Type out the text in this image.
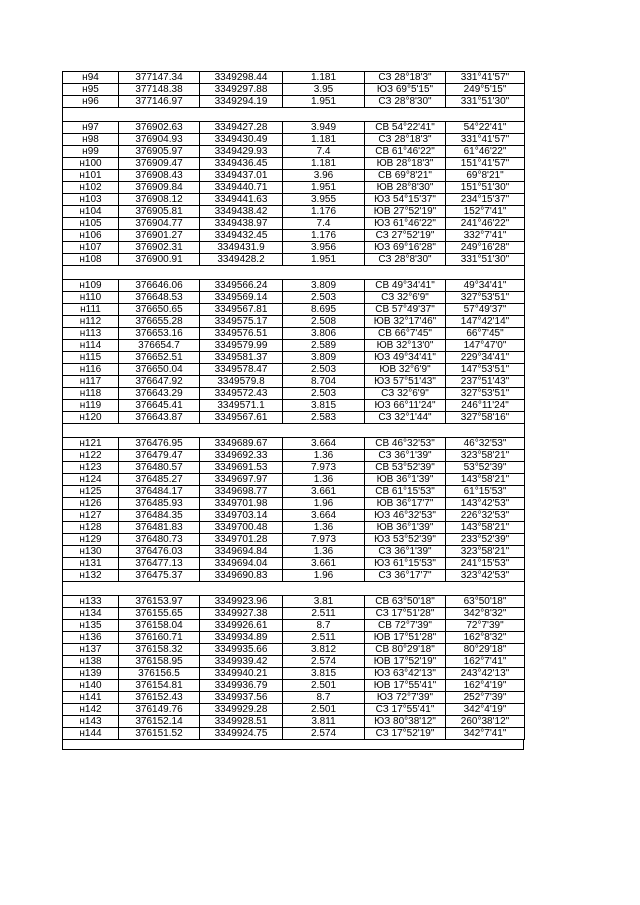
н94	377147.34	3349298.44	1.181	СЗ 28°18'3"	331°41'57"
н95	377148.38	3349297.88	3.95	ЮЗ 69°5'15"	249°5'15"
н96	377146.97	3349294.19	1.951	СЗ 28°8'30"	331°51'30"

н97	376902.63	3349427.28	3.949	СВ 54°22'41"	54°22'41"
н98	376904.93	3349430.49	1.181	СЗ 28°18'3"	331°41'57"
н99	376905.97	3349429.93	7.4	СВ 61°46'22"	61°46'22"
н100	376909.47	3349436.45	1.181	ЮВ 28°18'3"	151°41'57"
н101	376908.43	3349437.01	3.96	СВ 69°8'21"	69°8'21"
н102	376909.84	3349440.71	1.951	ЮВ 28°8'30"	151°51'30"
н103	376908.12	3349441.63	3.955	ЮЗ 54°15'37"	234°15'37"
н104	376905.81	3349438.42	1.176	ЮВ 27°52'19"	152°7'41"
н105	376904.77	3349438.97	7.4	ЮЗ 61°46'22"	241°46'22"
н106	376901.27	3349432.45	1.176	СЗ 27°52'19"	332°7'41"
н107	376902.31	3349431.9	3.956	ЮЗ 69°16'28"	249°16'28"
н108	376900.91	3349428.2	1.951	СЗ 28°8'30"	331°51'30"

н109	376646.06	3349566.24	3.809	СВ 49°34'41"	49°34'41"
н110	376648.53	3349569.14	2.503	СЗ 32°6'9"	327°53'51"
н111	376650.65	3349567.81	8.695	СВ 57°49'37"	57°49'37"
н112	376655.28	3349575.17	2.508	ЮВ 32°17'46"	147°42'14"
н113	376653.16	3349576.51	3.806	СВ 66°7'45"	66°7'45"
н114	376654.7	3349579.99	2.589	ЮВ 32°13'0"	147°47'0"
н115	376652.51	3349581.37	3.809	ЮЗ 49°34'41"	229°34'41"
н116	376650.04	3349578.47	2.503	ЮВ 32°6'9"	147°53'51"
н117	376647.92	3349579.8	8.704	ЮЗ 57°51'43"	237°51'43"
н118	376643.29	3349572.43	2.503	СЗ 32°6'9"	327°53'51"
н119	376645.41	3349571.1	3.815	ЮЗ 66°11'24"	246°11'24"
н120	376643.87	3349567.61	2.583	СЗ 32°1'44"	327°58'16"

н121	376476.95	3349689.67	3.664	СВ 46°32'53"	46°32'53"
н122	376479.47	3349692.33	1.36	СЗ 36°1'39"	323°58'21"
н123	376480.57	3349691.53	7.973	СВ 53°52'39"	53°52'39"
н124	376485.27	3349697.97	1.36	ЮВ 36°1'39"	143°58'21"
н125	376484.17	3349698.77	3.661	СВ 61°15'53"	61°15'53"
н126	376485.93	3349701.98	1.96	ЮВ 36°17'7"	143°42'53"
н127	376484.35	3349703.14	3.664	ЮЗ 46°32'53"	226°32'53"
н128	376481.83	3349700.48	1.36	ЮВ 36°1'39"	143°58'21"
н129	376480.73	3349701.28	7.973	ЮЗ 53°52'39"	233°52'39"
н130	376476.03	3349694.84	1.36	СЗ 36°1'39"	323°58'21"
н131	376477.13	3349694.04	3.661	ЮЗ 61°15'53"	241°15'53"
н132	376475.37	3349690.83	1.96	СЗ 36°17'7"	323°42'53"

н133	376153.97	3349923.96	3.81	СВ 63°50'18"	63°50'18"
н134	376155.65	3349927.38	2.511	СЗ 17°51'28"	342°8'32"
н135	376158.04	3349926.61	8.7	СВ 72°7'39"	72°7'39"
н136	376160.71	3349934.89	2.511	ЮВ 17°51'28"	162°8'32"
н137	376158.32	3349935.66	3.812	СВ 80°29'18"	80°29'18"
н138	376158.95	3349939.42	2.574	ЮВ 17°52'19"	162°7'41"
н139	376156.5	3349940.21	3.815	ЮЗ 63°42'13"	243°42'13"
н140	376154.81	3349936.79	2.501	ЮВ 17°55'41"	162°4'19"
н141	376152.43	3349937.56	8.7	ЮЗ 72°7'39"	252°7'39"
н142	376149.76	3349929.28	2.501	СЗ 17°55'41"	342°4'19"
н143	376152.14	3349928.51	3.811	ЮЗ 80°38'12"	260°38'12"
н144	376151.52	3349924.75	2.574	СЗ 17°52'19"	342°7'41"
